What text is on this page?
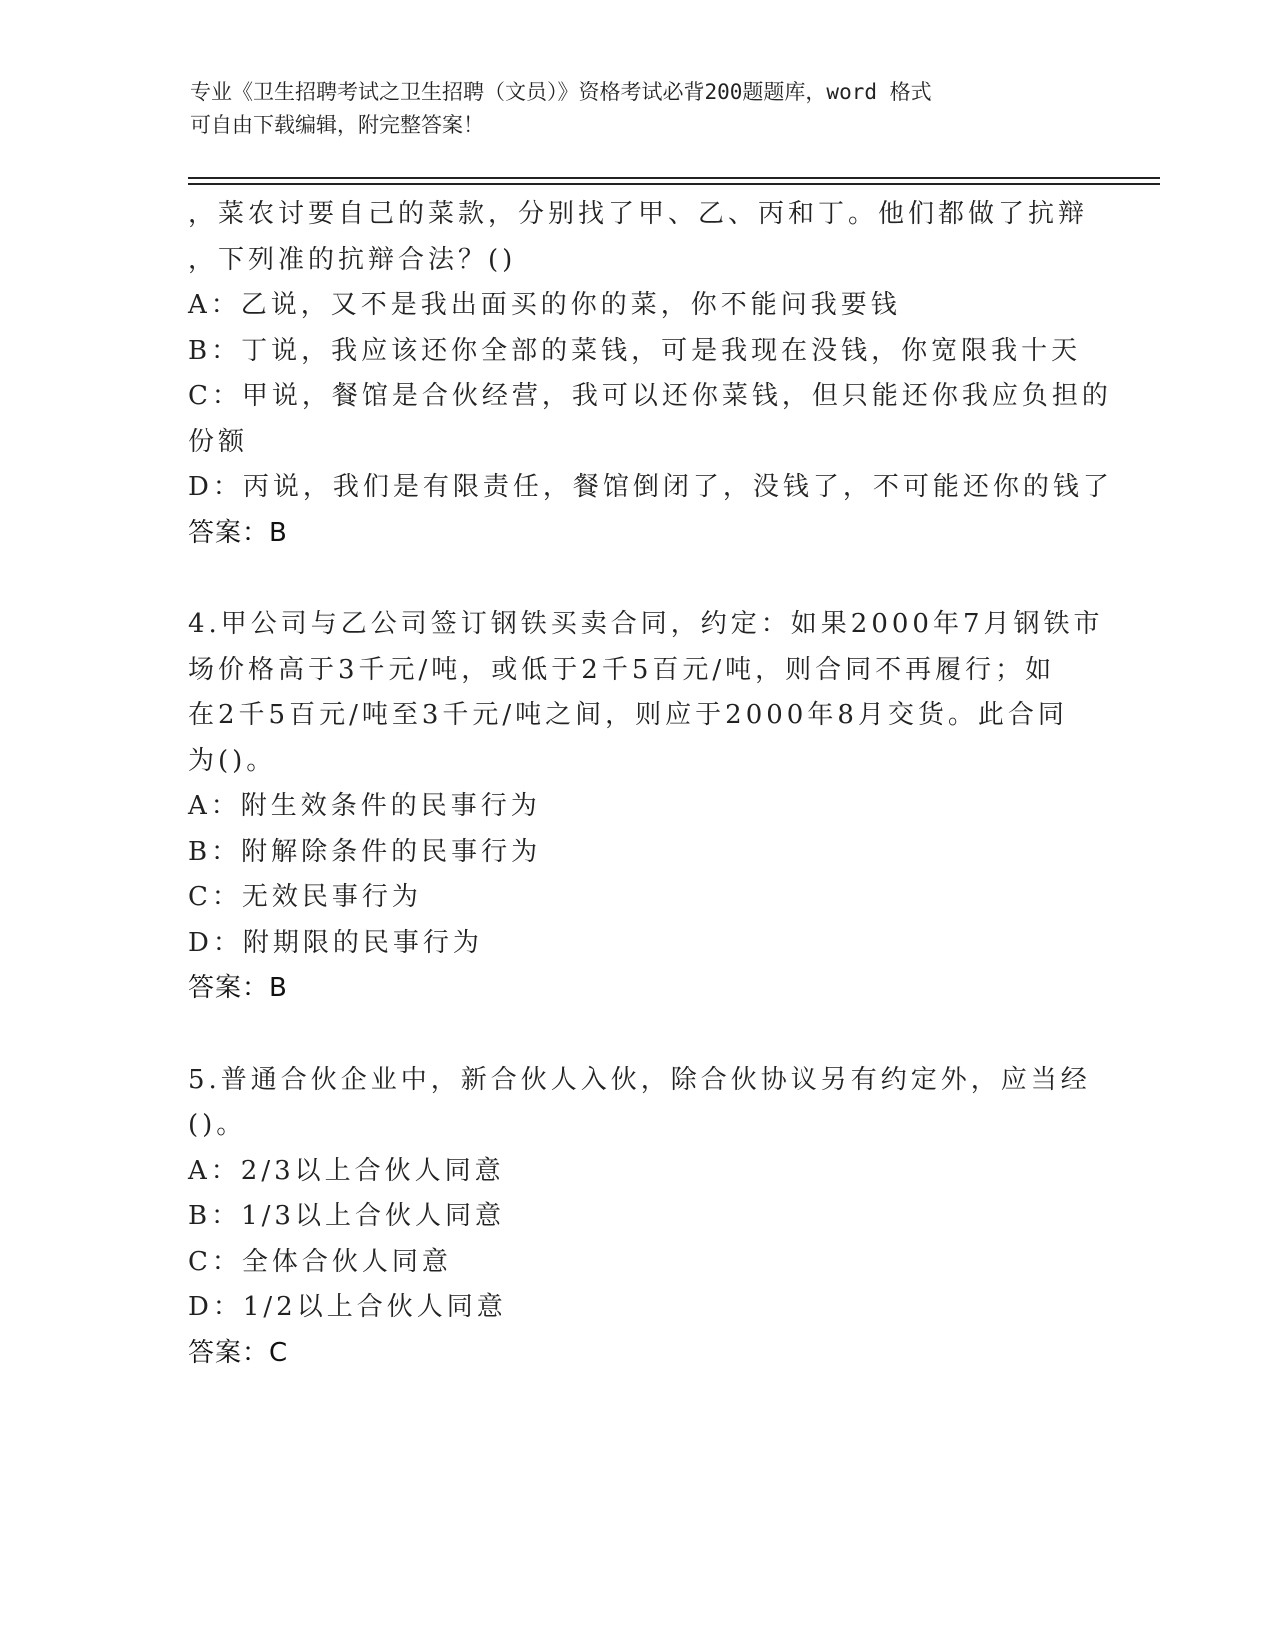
专业《卫生招聘考试之卫生招聘（文员）》资格考试必背200题题库，word 格式
可自由下载编辑，附完整答案！
，菜农讨要自己的菜款，分别找了甲、乙、丙和丁。他们都做了抗辩
，下列准的抗辩合法？()
A：乙说，又不是我出面买的你的菜，你不能问我要钱
B：丁说，我应该还你全部的菜钱，可是我现在没钱，你宽限我十天
C：甲说，餐馆是合伙经营，我可以还你菜钱，但只能还你我应负担的
份额
D：丙说，我们是有限责任，餐馆倒闭了，没钱了，不可能还你的钱了
答案：B
4.甲公司与乙公司签订钢铁买卖合同，约定：如果2000年7月钢铁市
场价格高于3千元/吨，或低于2千5百元/吨，则合同不再履行；如
在2千5百元/吨至3千元/吨之间，则应于2000年8月交货。此合同
为()。
A：附生效条件的民事行为
B：附解除条件的民事行为
C：无效民事行为
D：附期限的民事行为
答案：B
5.普通合伙企业中，新合伙人入伙，除合伙协议另有约定外，应当经
()。
A：2/3以上合伙人同意
B：1/3以上合伙人同意
C：全体合伙人同意
D：1/2以上合伙人同意
答案：C
